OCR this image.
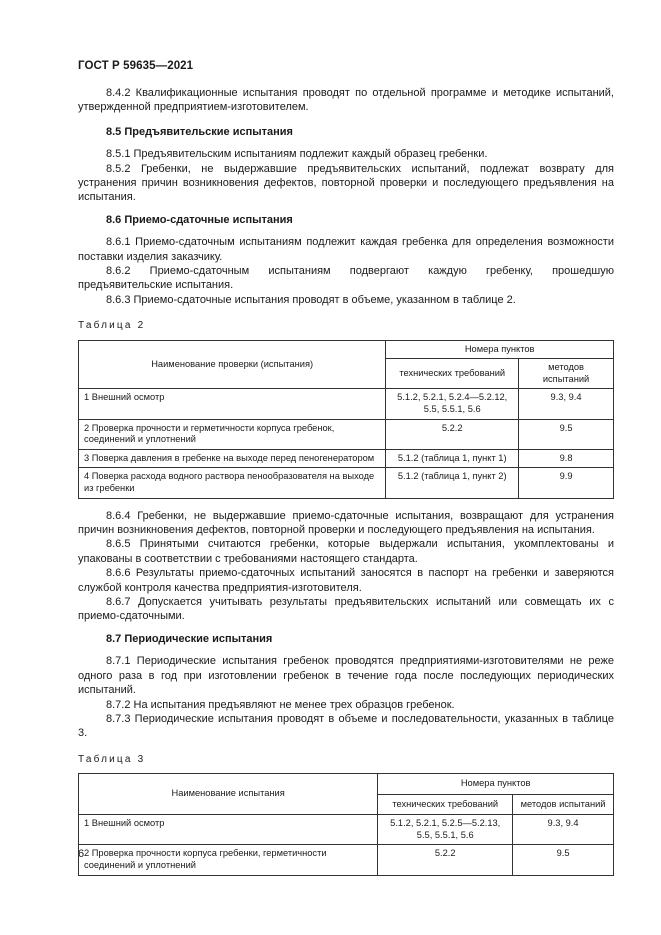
ГОСТ Р 59635—2021

8.4.2 Квалификационные испытания проводят по отдельной программе и методике испытаний, утвержденной предприятием-изготовителем.

8.5 Предъявительские испытания

8.5.1 Предъявительским испытаниям подлежит каждый образец гребенки.

8.5.2 Гребенки, не выдержавшие предъявительских испытаний, подлежат возврату для устранения причин возникновения дефектов, повторной проверки и последующего предъявления на испытания.

8.6 Приемо-сдаточные испытания

8.6.1 Приемо-сдаточным испытаниям подлежит каждая гребенка для определения возможности поставки изделия заказчику.

8.6.2 Приемо-сдаточным испытаниям подвергают каждую гребенку, прошедшую предъявительские испытания.

8.6.3 Приемо-сдаточные испытания проводят в объеме, указанном в таблице 2.

Таблица 2
Наименование проверки (испытания)	Номера пунктов	
	технических требований	методов испытаний
1 Внешний осмотр	5.1.2, 5.2.1, 5.2.4—5.2.12, 5.5, 5.5.1, 5.6	9.3, 9.4
2 Проверка прочности и герметичности корпуса гребенок, соединений и уплотнений	5.2.2	9.5
3 Поверка давления в гребенке на выходе перед пеногенератором	5.1.2 (таблица 1, пункт 1)	9.8
4 Поверка расхода водного раствора пенообразователя на выходе из гребенки	5.1.2 (таблица 1, пункт 2)	9.9

8.6.4 Гребенки, не выдержавшие приемо-сдаточные испытания, возвращают для устранения причин возникновения дефектов, повторной проверки и последующего предъявления на испытания.

8.6.5 Принятыми считаются гребенки, которые выдержали испытания, укомплектованы и упакованы в соответствии с требованиями настоящего стандарта.

8.6.6 Результаты приемо-сдаточных испытаний заносятся в паспорт на гребенки и заверяются службой контроля качества предприятия-изготовителя.

8.6.7 Допускается учитывать результаты предъявительских испытаний или совмещать их с приемо-сдаточными.

8.7 Периодические испытания

8.7.1 Периодические испытания гребенок проводятся предприятиями-изготовителями не реже одного раза в год при изготовлении гребенок в течение года после последующих периодических испытаний.

8.7.2 На испытания предъявляют не менее трех образцов гребенок.

8.7.3 Периодические испытания проводят в объеме и последовательности, указанных в таблице 3.

Таблица 3
Наименование испытания	Номера пунктов	
	технических требований	методов испытаний
1 Внешний осмотр	5.1.2, 5.2.1, 5.2.5—5.2.13, 5.5, 5.5.1, 5.6	9.3, 9.4
2 Проверка прочности корпуса гребенки, герметичности соединений и уплотнений	5.2.2	9.5
6
